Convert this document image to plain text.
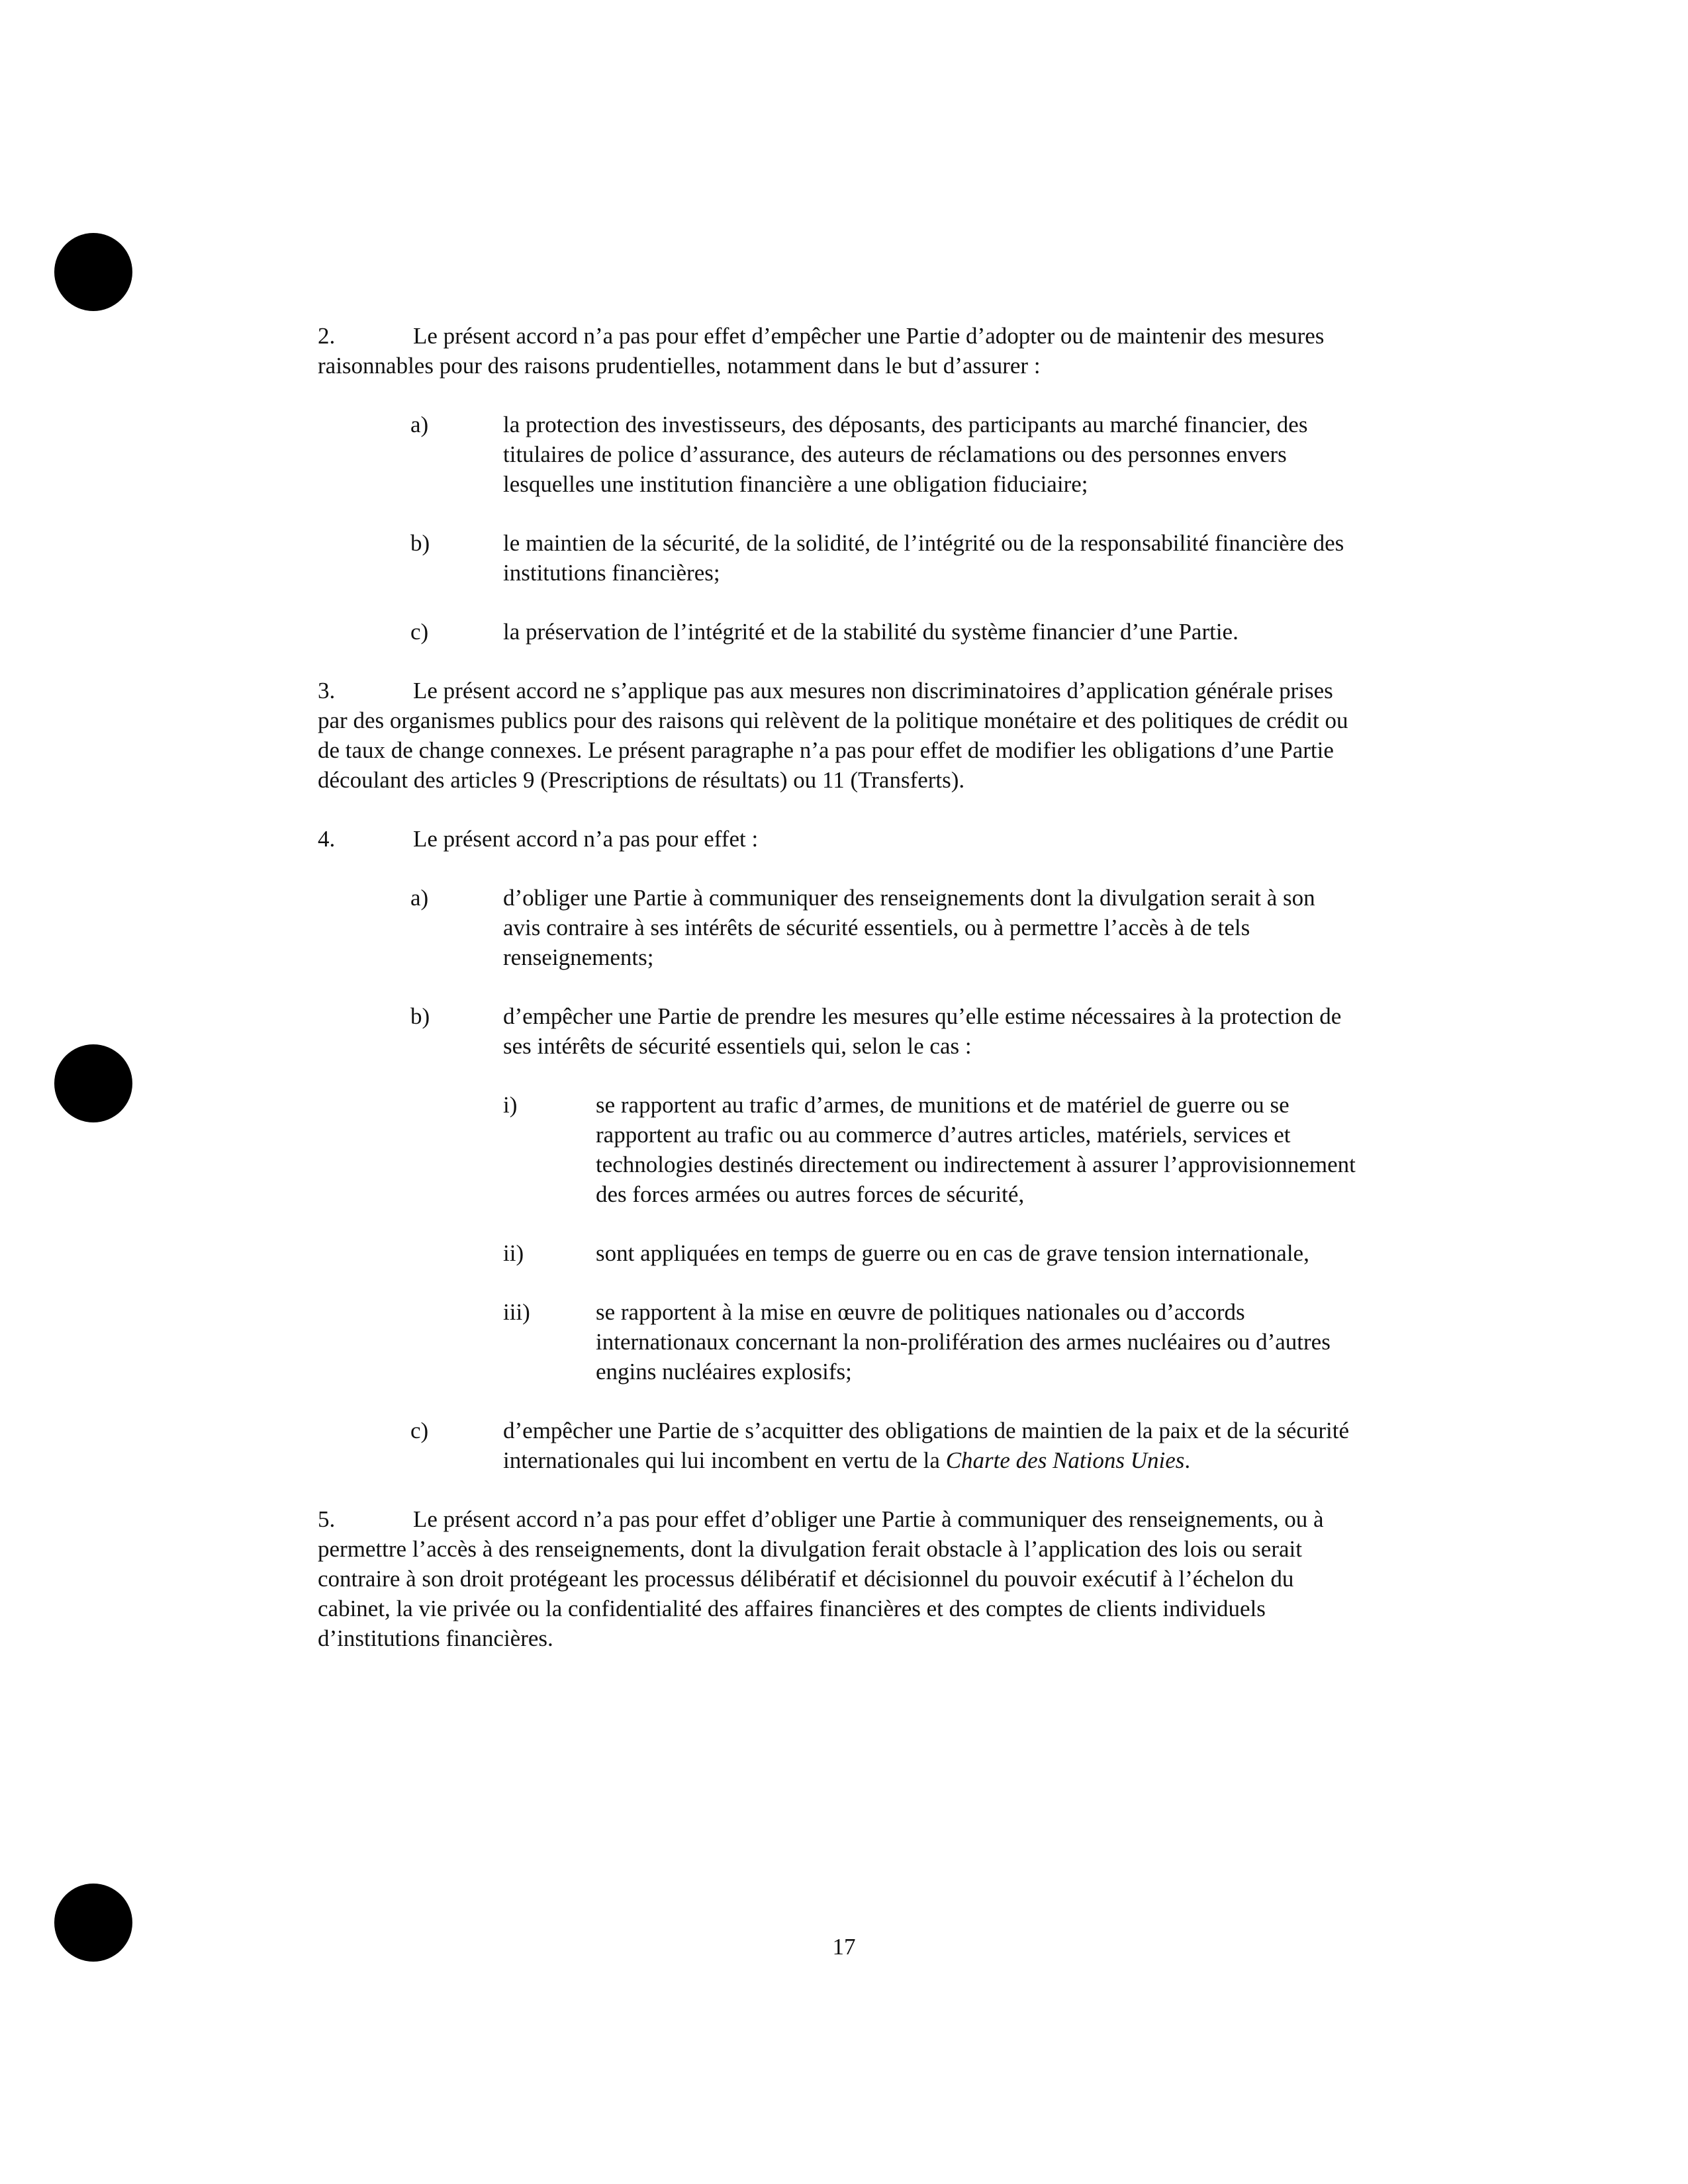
2.	Le présent accord n’a pas pour effet d’empêcher une Partie d’adopter ou de maintenir des mesures raisonnables pour des raisons prudentielles, notamment dans le but d’assurer :

a)	la protection des investisseurs, des déposants, des participants au marché financier, des titulaires de police d’assurance, des auteurs de réclamations ou des personnes envers lesquelles une institution financière a une obligation fiduciaire;
b)	le maintien de la sécurité, de la solidité, de l’intégrité ou de la responsabilité financière des institutions financières;
c)	la préservation de l’intégrité et de la stabilité du système financier d’une Partie.

3.	Le présent accord ne s’applique pas aux mesures non discriminatoires d’application générale prises par des organismes publics pour des raisons qui relèvent de la politique monétaire et des politiques de crédit ou de taux de change connexes. Le présent paragraphe n’a pas pour effet de modifier les obligations d’une Partie découlant des articles 9 (Prescriptions de résultats) ou 11 (Transferts).

4.	Le présent accord n’a pas pour effet :

a)	d’obliger une Partie à communiquer des renseignements dont la divulgation serait à son avis contraire à ses intérêts de sécurité essentiels, ou à permettre l’accès à de tels renseignements;
b)	d’empêcher une Partie de prendre les mesures qu’elle estime nécessaires à la protection de ses intérêts de sécurité essentiels qui, selon le cas :
i)	se rapportent au trafic d’armes, de munitions et de matériel de guerre ou se rapportent au trafic ou au commerce d’autres articles, matériels, services et technologies destinés directement ou indirectement à assurer l’approvisionnement des forces armées ou autres forces de sécurité,
ii)	sont appliquées en temps de guerre ou en cas de grave tension internationale,
iii)	se rapportent à la mise en œuvre de politiques nationales ou d’accords internationaux concernant la non-prolifération des armes nucléaires ou d’autres engins nucléaires explosifs;
c)	d’empêcher une Partie de s’acquitter des obligations de maintien de la paix et de la sécurité internationales qui lui incombent en vertu de la Charte des Nations Unies.

5.	Le présent accord n’a pas pour effet d’obliger une Partie à communiquer des renseignements, ou à permettre l’accès à des renseignements, dont la divulgation ferait obstacle à l’application des lois ou serait contraire à son droit protégeant les processus délibératif et décisionnel du pouvoir exécutif à l’échelon du cabinet, la vie privée ou la confidentialité des affaires financières et des comptes de clients individuels d’institutions financières.

17
